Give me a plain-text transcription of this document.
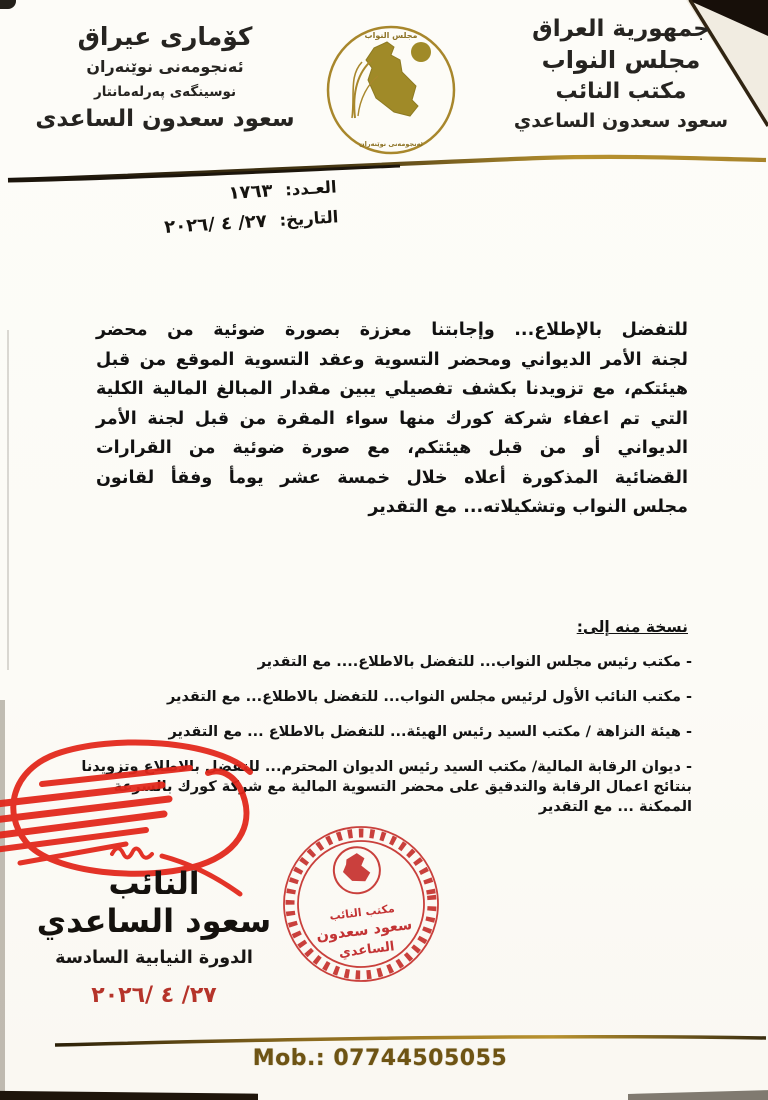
کۆماری عیراق
ئەنجومەنی نوێنەران
نوسینگەی پەرلەمانتار
سعود سعدون الساعدی
جمهورية العراق
مجلس النواب
مكتب النائب
سعود سعدون الساعدي
مجلس النواب
ئەنجومەنی نوێنەران
العـدد: ١٧٦٣
التاريخ: ٢٧/ ٤ /٢٠٢٦
للتفضل بالإطلاع... وإجابتنا معززة بصورة ضوئية من محضر
لجنة الأمر الديواني ومحضر التسوية وعقد التسوية الموقع من قبل
هيئتكم، مع تزويدنا بكشف تفصيلي يبين مقدار المبالغ المالية الكلية
التي تم اعفاء شركة كورك منها سواء المقرة من قبل لجنة الأمر
الديواني أو من قبل هيئتكم، مع صورة ضوئية من القرارات
القضائية المذكورة أعلاه خلال خمسة عشر يومأ وفقأ لقانون
مجلس النواب وتشكيلاته... مع التقدير
نسخة منه إلى:
- مكتب رئيس مجلس النواب... للتفضل بالاطلاع.... مع التقدير
- مكتب النائب الأول لرئيس مجلس النواب... للتفضل بالاطلاع... مع التقدير
- هيئة النزاهة / مكتب السيد رئيس الهيئة... للتفضل بالاطلاع ... مع التقدير
- ديوان الرقابة المالية/ مكتب السيد رئيس الديوان المحترم... للتفضل بالاطلاع وتزويدنا بنتائج اعمال الرقابة والتدقيق على محضر التسوية المالية مع شركة كورك بالسرعة الممكنة ... مع التقدير
مكتب النائب
سعود سعدون
الساعدي
النائب
سعود الساعدي
الدورة النيابية السادسة
٢٧/ ٤ /٢٠٢٦
Mob.: 07744505055
